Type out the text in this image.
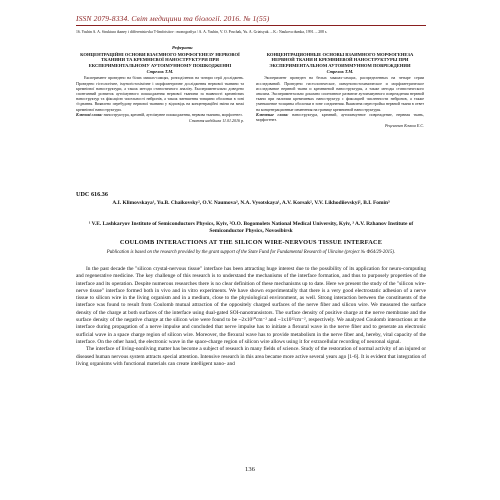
ISSN 2079-8334. Світ медицини та біології. 2016. № 1(55)
16. Yashin A. A. Struktura tkaney i differentsiovka T-limfotsitov : monografiya / A. A. Yashin, V. O. Poschak, Yu. A. Griatsyuk. – K.: Naukova dumka, 1991. – 208 s.
Реферати
КОНЦЕНТРАЦІЙНІ ОСНОВИ ВЗАЄМНОГО МОРФОГЕНЕЗУ НЕРВОВОЇ ТКАНИНИ ТА КРЕМНІЄВОЇ НАНОСТРУКТУРИ ПРИ ЕКСПЕРИМЕНТАЛЬНОМУ АУТОІМУННОМУ ПОШКОДЖЕННІ
Стрелок Т.М.
Експеримент проведено на білих мишах-самцях, розподілених на чотири серії досліджень. Проведено гістологічне, імуногістохімічне і морфометричне дослідження нервової тканини та кремнієвої наноструктури, а також методи статистичного аналізу. Експериментально доведено спонтанний розвиток аутоімунного пошкодження нервової тканини за наявності кремнієвих наноструктур та фіксацією чисельності нейронів, а також зменшення товщини оболонки в зоні з'єднання. Виявлено перебудову нервової тканини у відповідь на концентраційні зміни на межі кремнієвої наноструктури.
Ключові слова: наноструктура, кремній, аутоімунне пошкодження, нервова тканина, морфогенез.
Стаття надійшла 11.01.2016 р.
КОНЦЕНТРАЦИОННЫЕ ОСНОВЫ ВЗАИМНОГО МОРФОГЕНЕЗА НЕРВНОЙ ТКАНИ И КРЕМНИЕВОЙ НАНОСТРУКТУРЫ ПРИ ЭКСПЕРИМЕНТАЛЬНОМ АУТОИММУННОМ ПОВРЕЖДЕНИИ
Стрелок Т.М.
Эксперимент проведен на белых мышах-самцах, распределенных на четыре серии исследований. Проведено гистологическое, иммуногистохимическое и морфометрическое исследование нервной ткани и кремниевой наноструктуры, а также методы статистического анализа. Экспериментально доказано спонтанное развитие аутоиммунного повреждения нервной ткани при наличии кремниевых наноструктур с фиксацией численности нейронов, а также уменьшение толщины оболочки в зоне соединения. Выявлена перестройка нервной ткани в ответ на концентрационные изменения на границе кремниевой наноструктуры.
Ключевые слова: наноструктура, кремний, аутоиммунное повреждение, нервная ткань, морфогенез.
Рецензент Кочков Е.С.
UDC 616.36
A.I. Klimovskaya¹, Yu.B. Chaikovsky², O.V. Naumova³, N.A. Vysotskaya¹, A.V. Korsak², V.V. Likhodiievskyi², B.I. Fomin³
¹ V.E. Lashkaryov Institute of Semiconductors Physics, Kyiv, ²O.O. Bogomolets National Medical University, Kyiv, ³ A.V. Rzhanov Institute of Semiconductor Physics, Novosibirsk
COULOMB INTERACTIONS AT THE SILICON WIRE-NERVOUS TISSUE INTERFACE
Publication is based on the research provided by the grant support of the State Fund for Fundamental Research of Ukraine (project № Ф64/29-2015).

In the past decade the "silicon crystal-nervous tissue" interface has been attracting huge interest due to the possibility of its application for neuro-computing and regenerative medicine. The key challenge of this research is to understand the mechanisms of the interface formation, and thus to purposely properties of the interface and its operation. Despite numerous researches there is no clear definition of these mechanisms up to date. Here we present the study of the "silicon wire-nerve tissue" interface formed both in vivo and in vitro experiments. We have shown experimentally that there is a very good electrostatic adhesion of a nerve tissue to silicon wire in the living organism and in a medium, close to the physiological environment, as well. Strong interaction between the constituents of the interface was found to result from Coulomb mutual attraction of the oppositely charged surfaces of the nerve fiber and silicon wire. We measured the surface density of the charge at both surfaces of the interface using dual-gated SOI-nanotransistors. The surface density of positive charge at the nerve membrane and the surface density of the negative charge at the silicon wire were found to be ~2x10¹⁰cm⁻² and ~1x10¹²cm⁻², respectively. We analyzed Coulomb interactions at the interface during propagation of a nerve impulse and concluded that nerve impulse has to initiate a flexural wave in the nerve fiber and to generate an electronic surficial wave in a space charge region of silicon wire. Moreover, the flexural wave has to provide metabolism in the nerve fiber and, hereby, vital capacity of the interface. On the other hand, the electronic wave in the space-charge region of silicon wire allows using it for extracellular recording of neuronal signal.

The interface of living-nonliving matter has become a subject of research in many fields of science. Study of the restoration of normal activity of an injured or diseased human nervous system attracts special attention. Intensive research in this area became more active several years ago [1-6]. It is evident that integration of living organisms with functional materials can create intelligent nano- and

136
